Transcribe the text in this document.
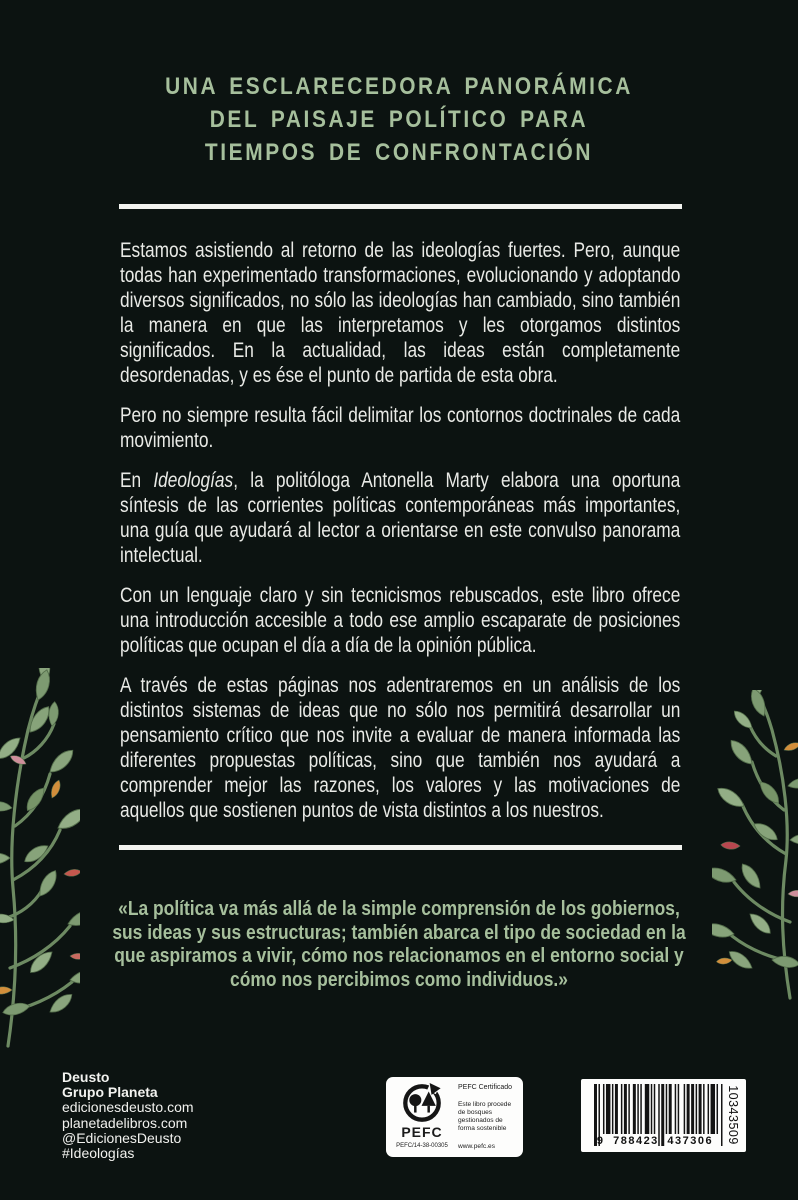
UNA ESCLARECEDORA PANORÁMICA
DEL PAISAJE POLÍTICO PARA
TIEMPOS DE CONFRONTACIÓN

Estamos asistiendo al retorno de las ideologías fuertes. Pero, aunque todas han experimentado transformaciones, evolucionando y adoptando diversos significados, no sólo las ideologías han cambiado, sino también la manera en que las interpretamos y les otorgamos distintos significados. En la actualidad, las ideas están completamente desordenadas, y es ése el punto de partida de esta obra.

Pero no siempre resulta fácil delimitar los contornos doctrinales de cada movimiento.

En Ideologías, la politóloga Antonella Marty elabora una oportuna síntesis de las corrientes políticas contemporáneas más importantes, una guía que ayudará al lector a orientarse en este convulso panorama intelectual.

Con un lenguaje claro y sin tecnicismos rebuscados, este libro ofrece una introducción accesible a todo ese amplio escaparate de posiciones políticas que ocupan el día a día de la opinión pública.

A través de estas páginas nos adentraremos en un análisis de los distintos sistemas de ideas que no sólo nos permitirá desarrollar un pensamiento crítico que nos invite a evaluar de manera informada las diferentes propuestas políticas, sino que también nos ayudará a comprender mejor las razones, los valores y las motivaciones de aquellos que sostienen puntos de vista distintos a los nuestros.

«La política va más allá de la simple comprensión de los gobiernos, sus ideas y sus estructuras; también abarca el tipo de sociedad en la que aspiramos a vivir, cómo nos relacionamos en el entorno social y cómo nos percibimos como individuos.»
Deusto
Grupo Planeta
edicionesdeusto.com
planetadelibros.com
@EdicionesDeusto
#Ideologías
PEFC
PEFC/14-38-00305
PEFC Certificado
Este libro procede de bosques gestionados de forma sostenible
www.pefc.es	9 788423 437306	10343509
